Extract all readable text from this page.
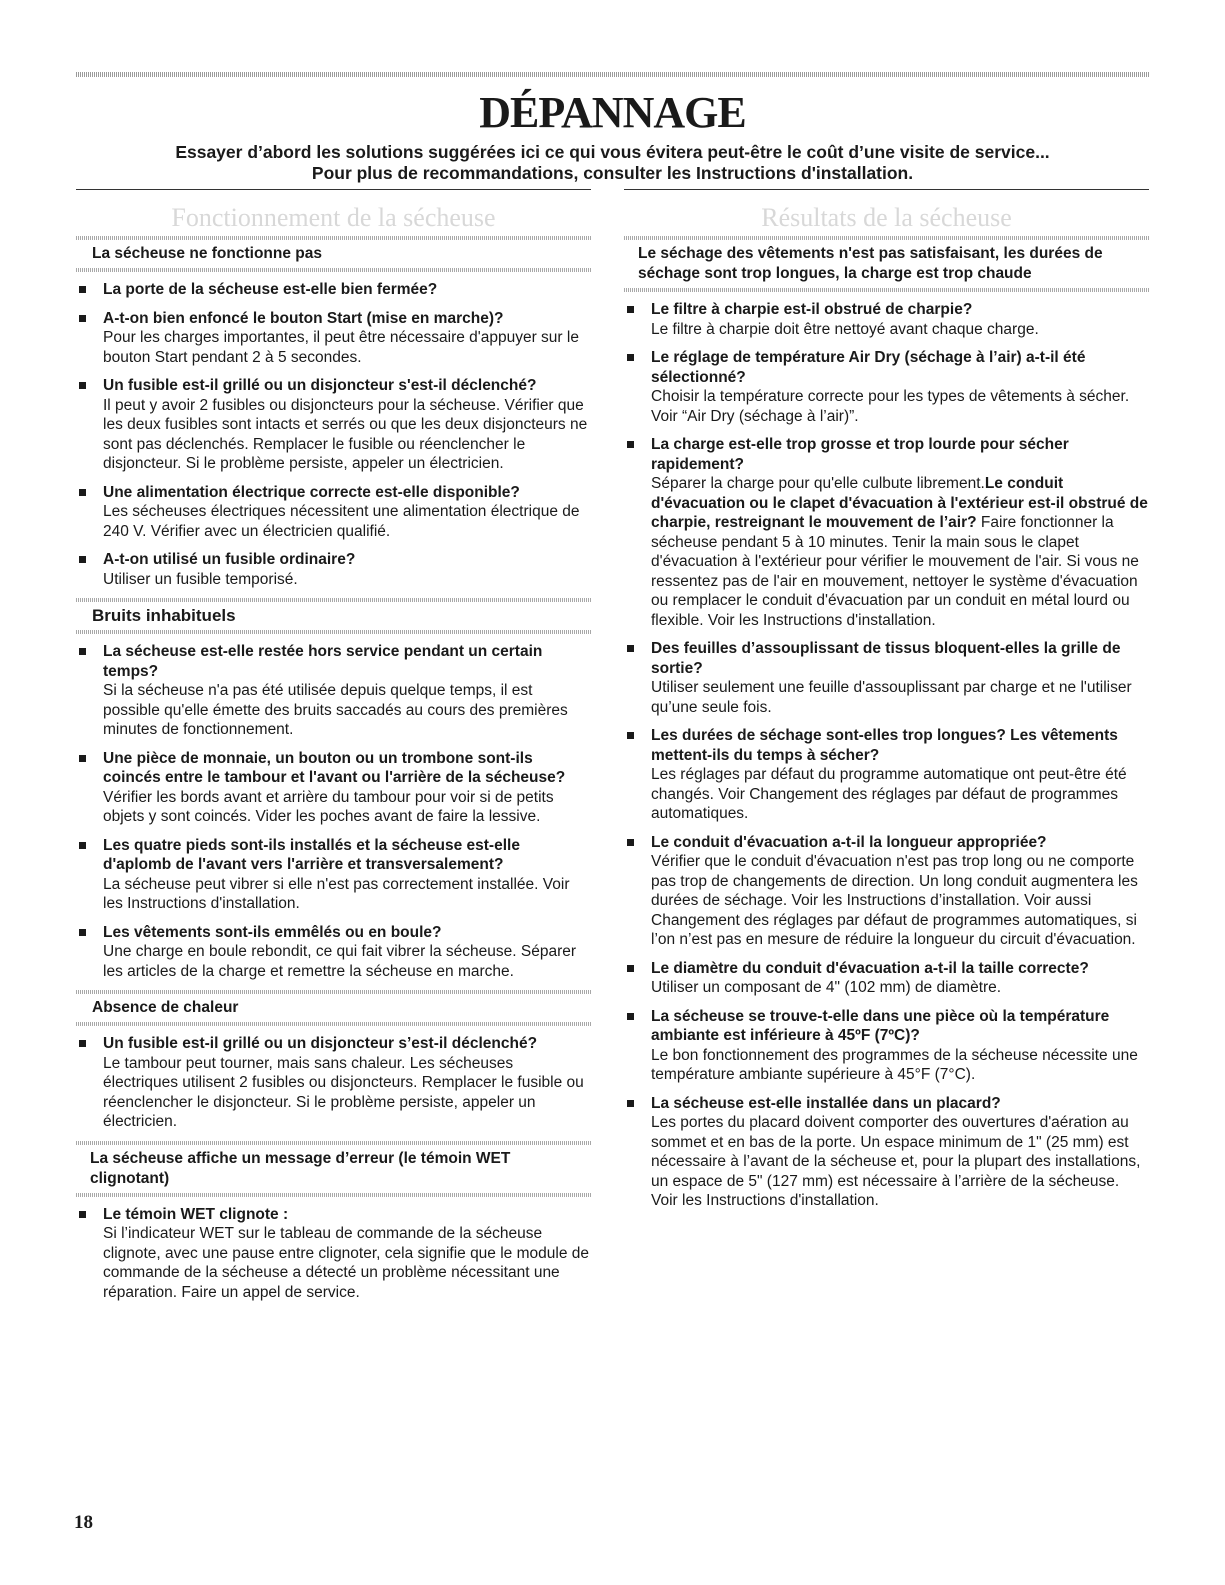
DÉPANNAGE
Essayer d’abord les solutions suggérées ici ce qui vous évitera peut-être le coût d’une visite de service...
Pour plus de recommandations, consulter les Instructions d'installation.
Fonctionnement de la sécheuse
La sécheuse ne fonctionne pas
La porte de la sécheuse est-elle bien fermée?
A-t-on bien enfoncé le bouton Start (mise en marche)?
Pour les charges importantes, il peut être nécessaire d'appuyer sur le bouton Start pendant 2 à 5 secondes.
Un fusible est-il grillé ou un disjoncteur s'est-il déclenché?
Il peut y avoir 2 fusibles ou disjoncteurs pour la sécheuse. Vérifier que les deux fusibles sont intacts et serrés ou que les deux disjoncteurs ne sont pas déclenchés. Remplacer le fusible ou réenclencher le disjoncteur. Si le problème persiste, appeler un électricien.
Une alimentation électrique correcte est-elle disponible?
Les sécheuses électriques nécessitent une alimentation électrique de 240 V. Vérifier avec un électricien qualifié.
A-t-on utilisé un fusible ordinaire?
Utiliser un fusible temporisé.
Bruits inhabituels
La sécheuse est-elle restée hors service pendant un certain temps?
Si la sécheuse n'a pas été utilisée depuis quelque temps, il est possible qu'elle émette des bruits saccadés au cours des premières minutes de fonctionnement.
Une pièce de monnaie, un bouton ou un trombone sont-ils coincés entre le tambour et l'avant ou l'arrière de la sécheuse?
Vérifier les bords avant et arrière du tambour pour voir si de petits objets y sont coincés. Vider les poches avant de faire la lessive.
Les quatre pieds sont-ils installés et la sécheuse est-elle d'aplomb de l'avant vers l'arrière et transversalement?
La sécheuse peut vibrer si elle n'est pas correctement installée. Voir les Instructions d'installation.
Les vêtements sont-ils emmêlés ou en boule?
Une charge en boule rebondit, ce qui fait vibrer la sécheuse. Séparer les articles de la charge et remettre la sécheuse en marche.
Absence de chaleur
Un fusible est-il grillé ou un disjoncteur s’est-il déclenché?
Le tambour peut tourner, mais sans chaleur. Les sécheuses électriques utilisent 2 fusibles ou disjoncteurs. Remplacer le fusible ou réenclencher le disjoncteur. Si le problème persiste, appeler un électricien.
La sécheuse affiche un message d’erreur (le témoin WET clignotant)
Le témoin WET clignote :
Si l’indicateur WET sur le tableau de commande de la sécheuse clignote, avec une pause entre clignoter, cela signifie que le module de commande de la sécheuse a détecté un problème nécessitant une réparation. Faire un appel de service.
Résultats de la sécheuse
Le séchage des vêtements n'est pas satisfaisant, les durées de séchage sont trop longues, la charge est trop chaude
Le filtre à charpie est-il obstrué de charpie?
Le filtre à charpie doit être nettoyé avant chaque charge.
Le réglage de température Air Dry (séchage à l’air) a-t-il été sélectionné?
Choisir la température correcte pour les types de vêtements à sécher. Voir “Air Dry (séchage à l’air)”.
La charge est-elle trop grosse et trop lourde pour sécher rapidement?
Séparer la charge pour qu'elle culbute librement.Le conduit d'évacuation ou le clapet d'évacuation à l'extérieur est-il obstrué de charpie, restreignant le mouvement de l’air? Faire fonctionner la sécheuse pendant 5 à 10 minutes. Tenir la main sous le clapet d'évacuation à l'extérieur pour vérifier le mouvement de l'air. Si vous ne ressentez pas de l'air en mouvement, nettoyer le système d'évacuation ou remplacer le conduit d'évacuation par un conduit en métal lourd ou flexible. Voir les Instructions d'installation.
Des feuilles d’assouplissant de tissus bloquent-elles la grille de sortie?
Utiliser seulement une feuille d'assouplissant par charge et ne l'utiliser qu’une seule fois.
Les durées de séchage sont-elles trop longues? Les vêtements mettent-ils du temps à sécher?
Les réglages par défaut du programme automatique ont peut-être été changés. Voir Changement des réglages par défaut de programmes automatiques.
Le conduit d'évacuation a-t-il la longueur appropriée?
Vérifier que le conduit d'évacuation n'est pas trop long ou ne comporte pas trop de changements de direction. Un long conduit augmentera les durées de séchage. Voir les Instructions d’installation. Voir aussi Changement des réglages par défaut de programmes automatiques, si l’on n’est pas en mesure de réduire la longueur du circuit d'évacuation.
Le diamètre du conduit d'évacuation a-t-il la taille correcte?
Utiliser un composant de 4" (102 mm) de diamètre.
La sécheuse se trouve-t-elle dans une pièce où la température ambiante est inférieure à 45ºF (7ºC)?
Le bon fonctionnement des programmes de la sécheuse nécessite une température ambiante supérieure à 45°F (7°C).
La sécheuse est-elle installée dans un placard?
Les portes du placard doivent comporter des ouvertures d'aération au sommet et en bas de la porte. Un espace minimum de 1" (25 mm) est nécessaire à l’avant de la sécheuse et, pour la plupart des installations, un espace de 5" (127 mm) est nécessaire à l’arrière de la sécheuse. Voir les Instructions d'installation.
18
